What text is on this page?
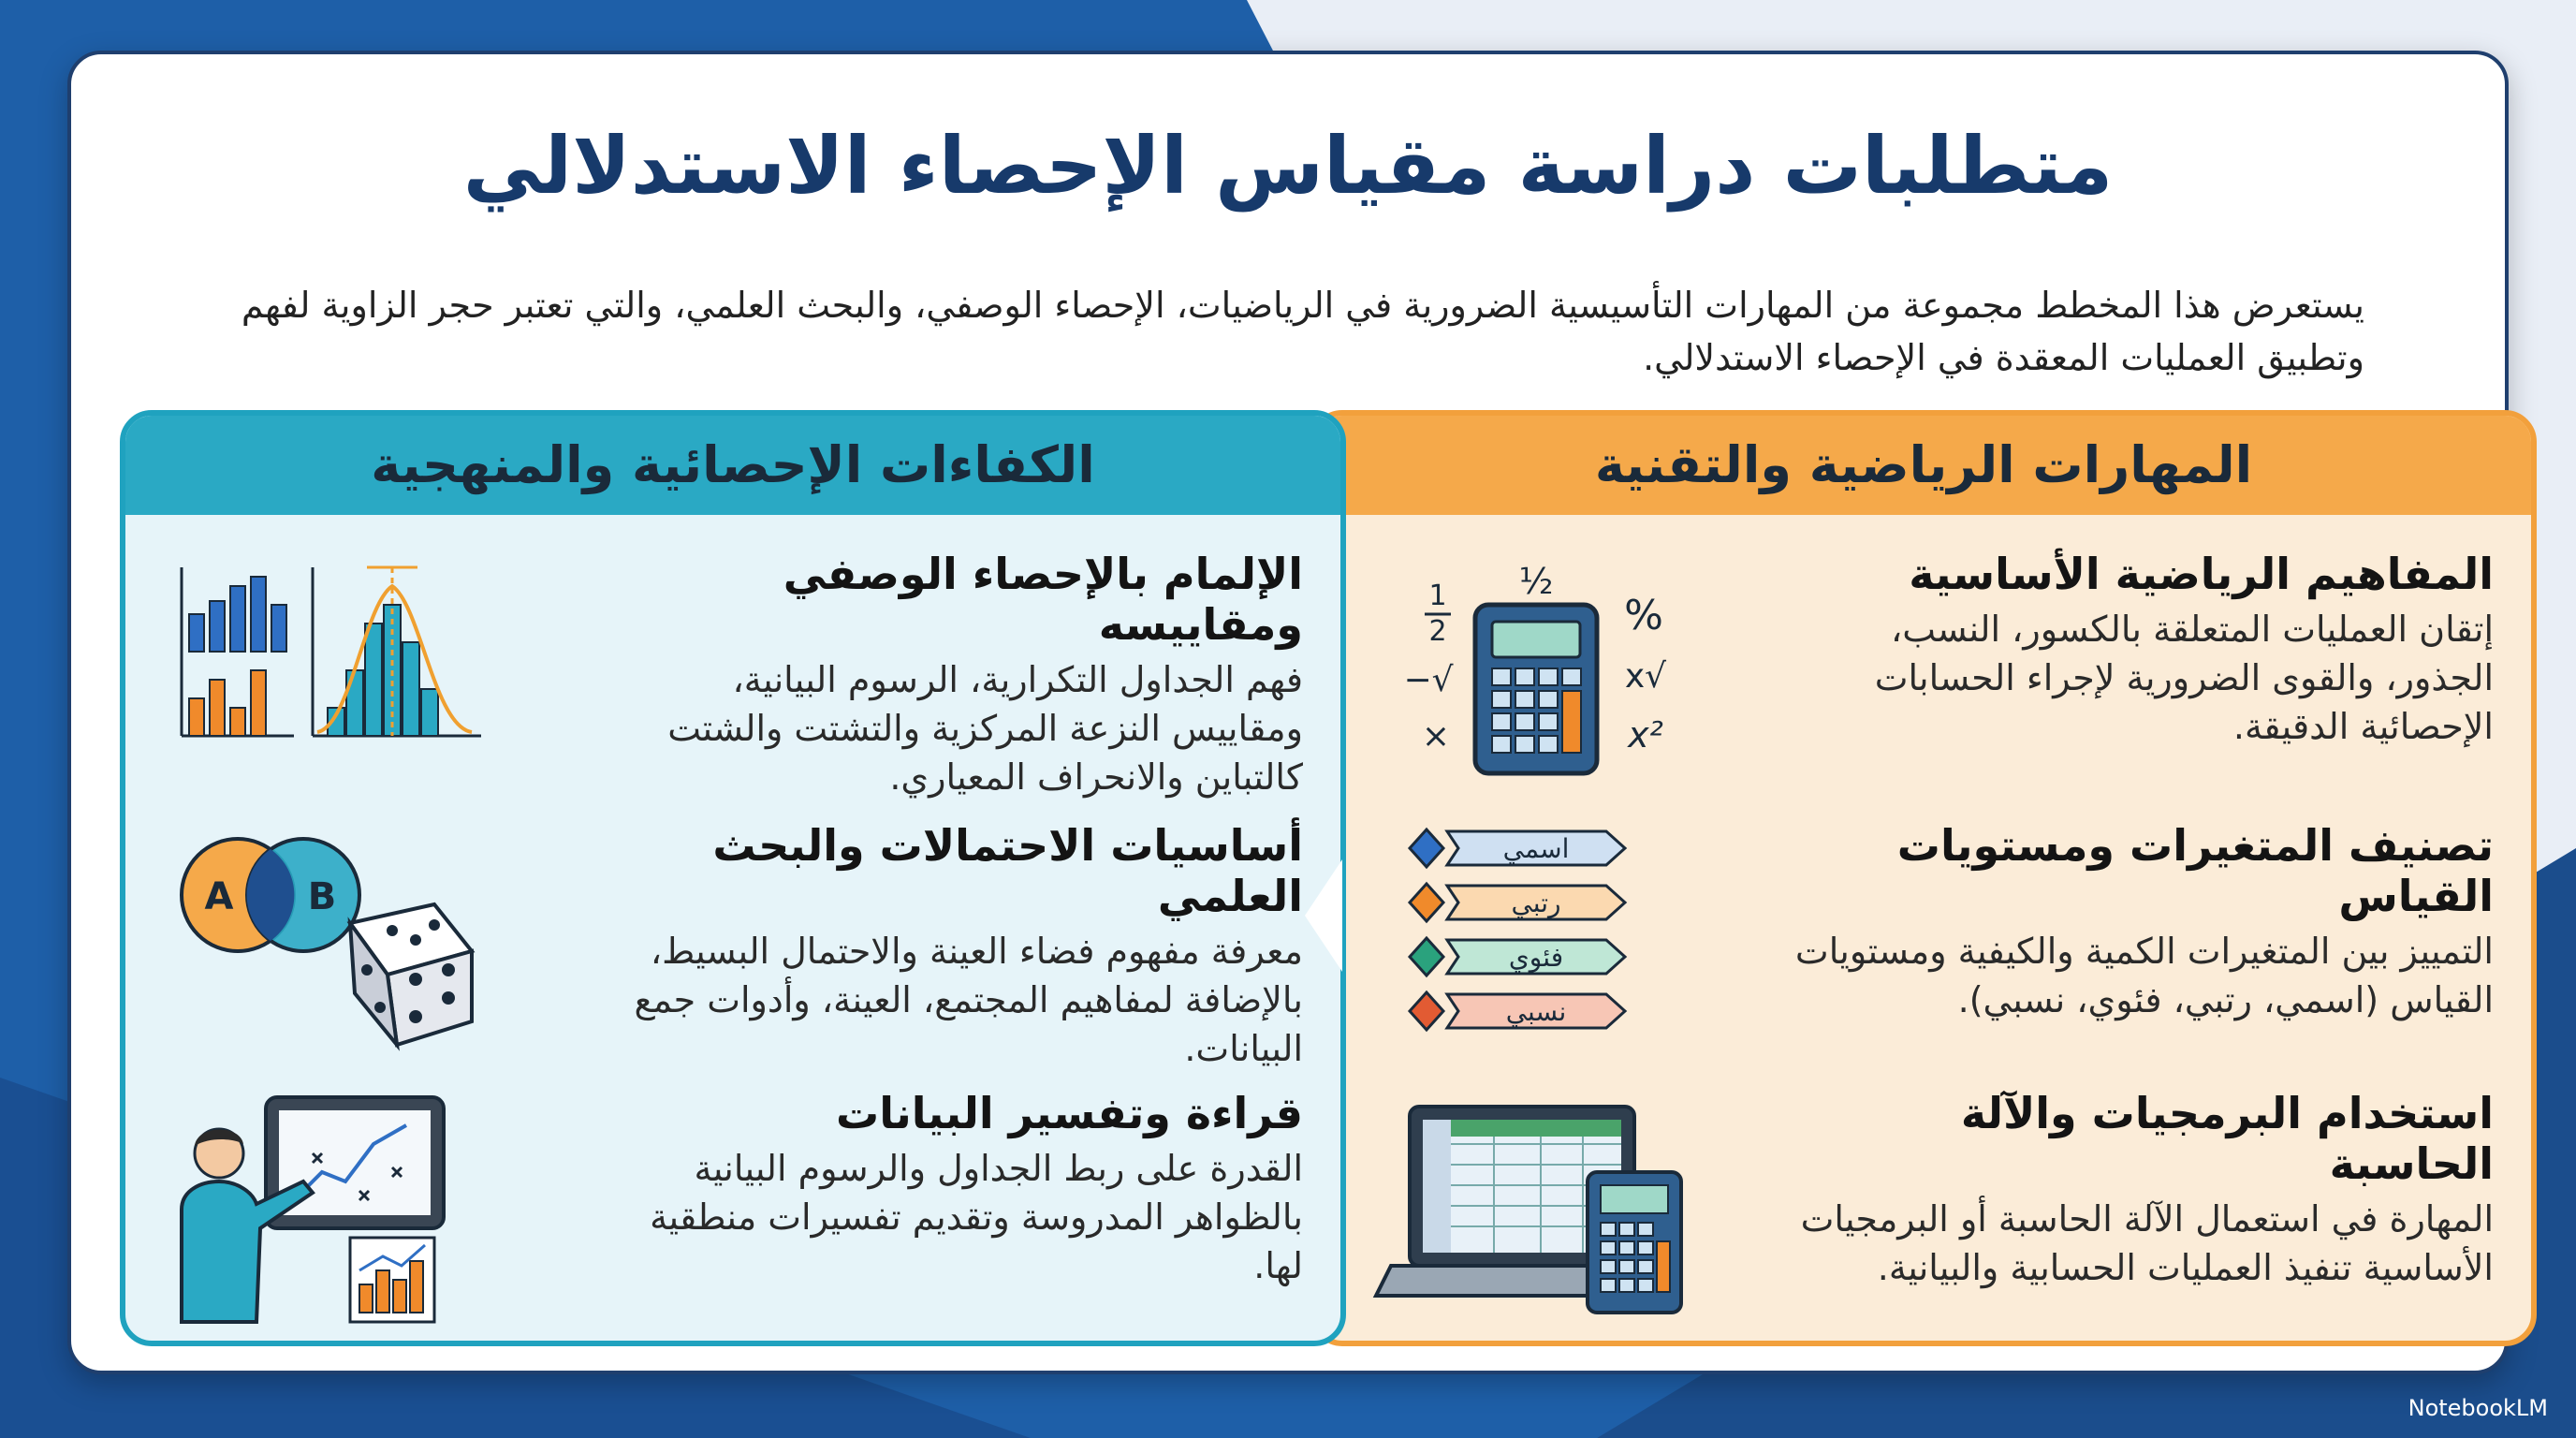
متطلبات دراسة مقياس الإحصاء الاستدلالي
يستعرض هذا المخطط مجموعة من المهارات التأسيسية الضرورية في الرياضيات، الإحصاء الوصفي، والبحث العلمي، والتي تعتبر حجر الزاوية لفهم وتطبيق العمليات المعقدة في الإحصاء الاستدلالي.
المهارات الرياضية والتقنية
المفاهيم الرياضية الأساسية
إتقان العمليات المتعلقة بالكسور، النسب، الجذور، والقوى الضرورية لإجراء الحسابات الإحصائية الدقيقة.
1
2
½
%
√−	√x
×	x²
تصنيف المتغيرات ومستويات القياس
التمييز بين المتغيرات الكمية والكيفية ومستويات القياس (اسمي، رتبي، فئوي، نسبي).
اسمي
رتبي
فئوي
نسبي
استخدام البرمجيات والآلة الحاسبة
المهارة في استعمال الآلة الحاسبة أو البرمجيات الأساسية تنفيذ العمليات الحسابية والبيانية.
الكفاءات الإحصائية والمنهجية
الإلمام بالإحصاء الوصفي ومقاييسه
فهم الجداول التكرارية، الرسوم البيانية، ومقاييس النزعة المركزية والتشتت والشتت كالتباين والانحراف المعياري.
أساسيات الاحتمالات والبحث العلمي
معرفة مفهوم فضاء العينة والاحتمال البسيط، بالإضافة لمفاهيم المجتمع، العينة، وأدوات جمع البيانات.
A B
قراءة وتفسير البيانات
القدرة على ربط الجداول والرسوم البيانية بالظواهر المدروسة وتقديم تفسيرات منطقية لها.
NotebookLM
